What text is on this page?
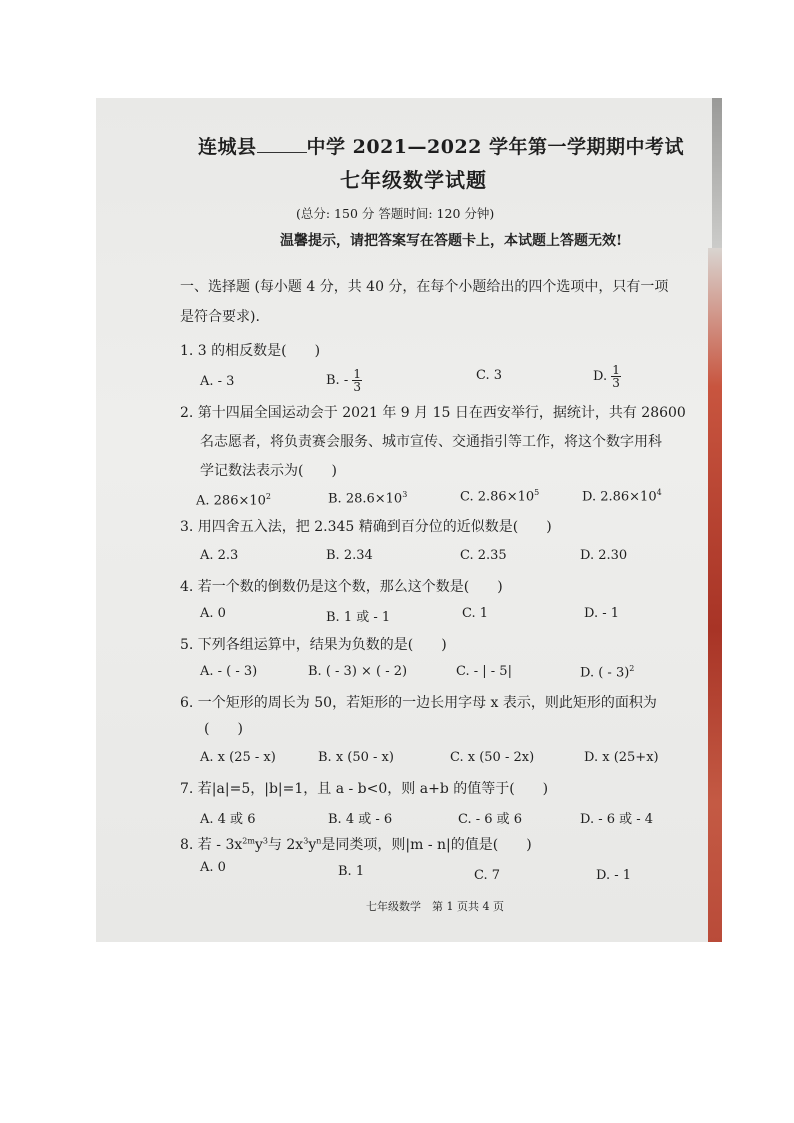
连城县	中学 2021—2022 学年第一学期期中考试
七年级数学试题
(总分: 150 分 答题时间: 120 分钟)
温馨提示，请把答案写在答题卡上，本试题上答题无效!
一、选择题 (每小题 4 分，共 40 分，在每个小题给出的四个选项中，只有一项
是符合要求).
1. 3 的相反数是(　　)
A. - 3	B. - $\frac{1}{3}$	C. 3	D. $\frac{1}{3}$
2. 第十四届全国运动会于 2021 年 9 月 15 日在西安举行，据统计，共有 28600
名志愿者，将负责赛会服务、城市宣传、交通指引等工作，将这个数字用科
学记数法表示为(　　)
A. $286\times 10^2$	B. $28.6\times 10^3$	C. $2.86\times 10^5$	D. $2.86\times 10^4$
3. 用四舍五入法，把 2.345 精确到百分位的近似数是(　　)
A. 2.3	B. 2.34	C. 2.35	D. 2.30
4. 若一个数的倒数仍是这个数，那么这个数是(　　)
A. 0	B. 1 或 - 1	C. 1	D. - 1
5. 下列各组运算中，结果为负数的是(　　)
A. - ( - 3)	B. ( - 3) × ( - 2)	C. - | - 5|	D. ( - 3)$^2$
6. 一个矩形的周长为 50，若矩形的一边长用字母 x 表示，则此矩形的面积为
(　　)
A. x (25 - x)	B. x (50 - x)	C. x (50 - 2x)	D. x (25+x)
7. 若|a|=5，|b|=1，且 a - b<0，则 a+b 的值等于(　　)
A. 4 或 6	B. 4 或 - 6	C. - 6 或 6	D. - 6 或 - 4
8. 若 - $3x^{2m}y^3$与 $2x^3y^n$是同类项，则|m - n|的值是(　　)
A. 0	B. 1	C. 7	D. - 1
七年级数学　第 1 页共 4 页
